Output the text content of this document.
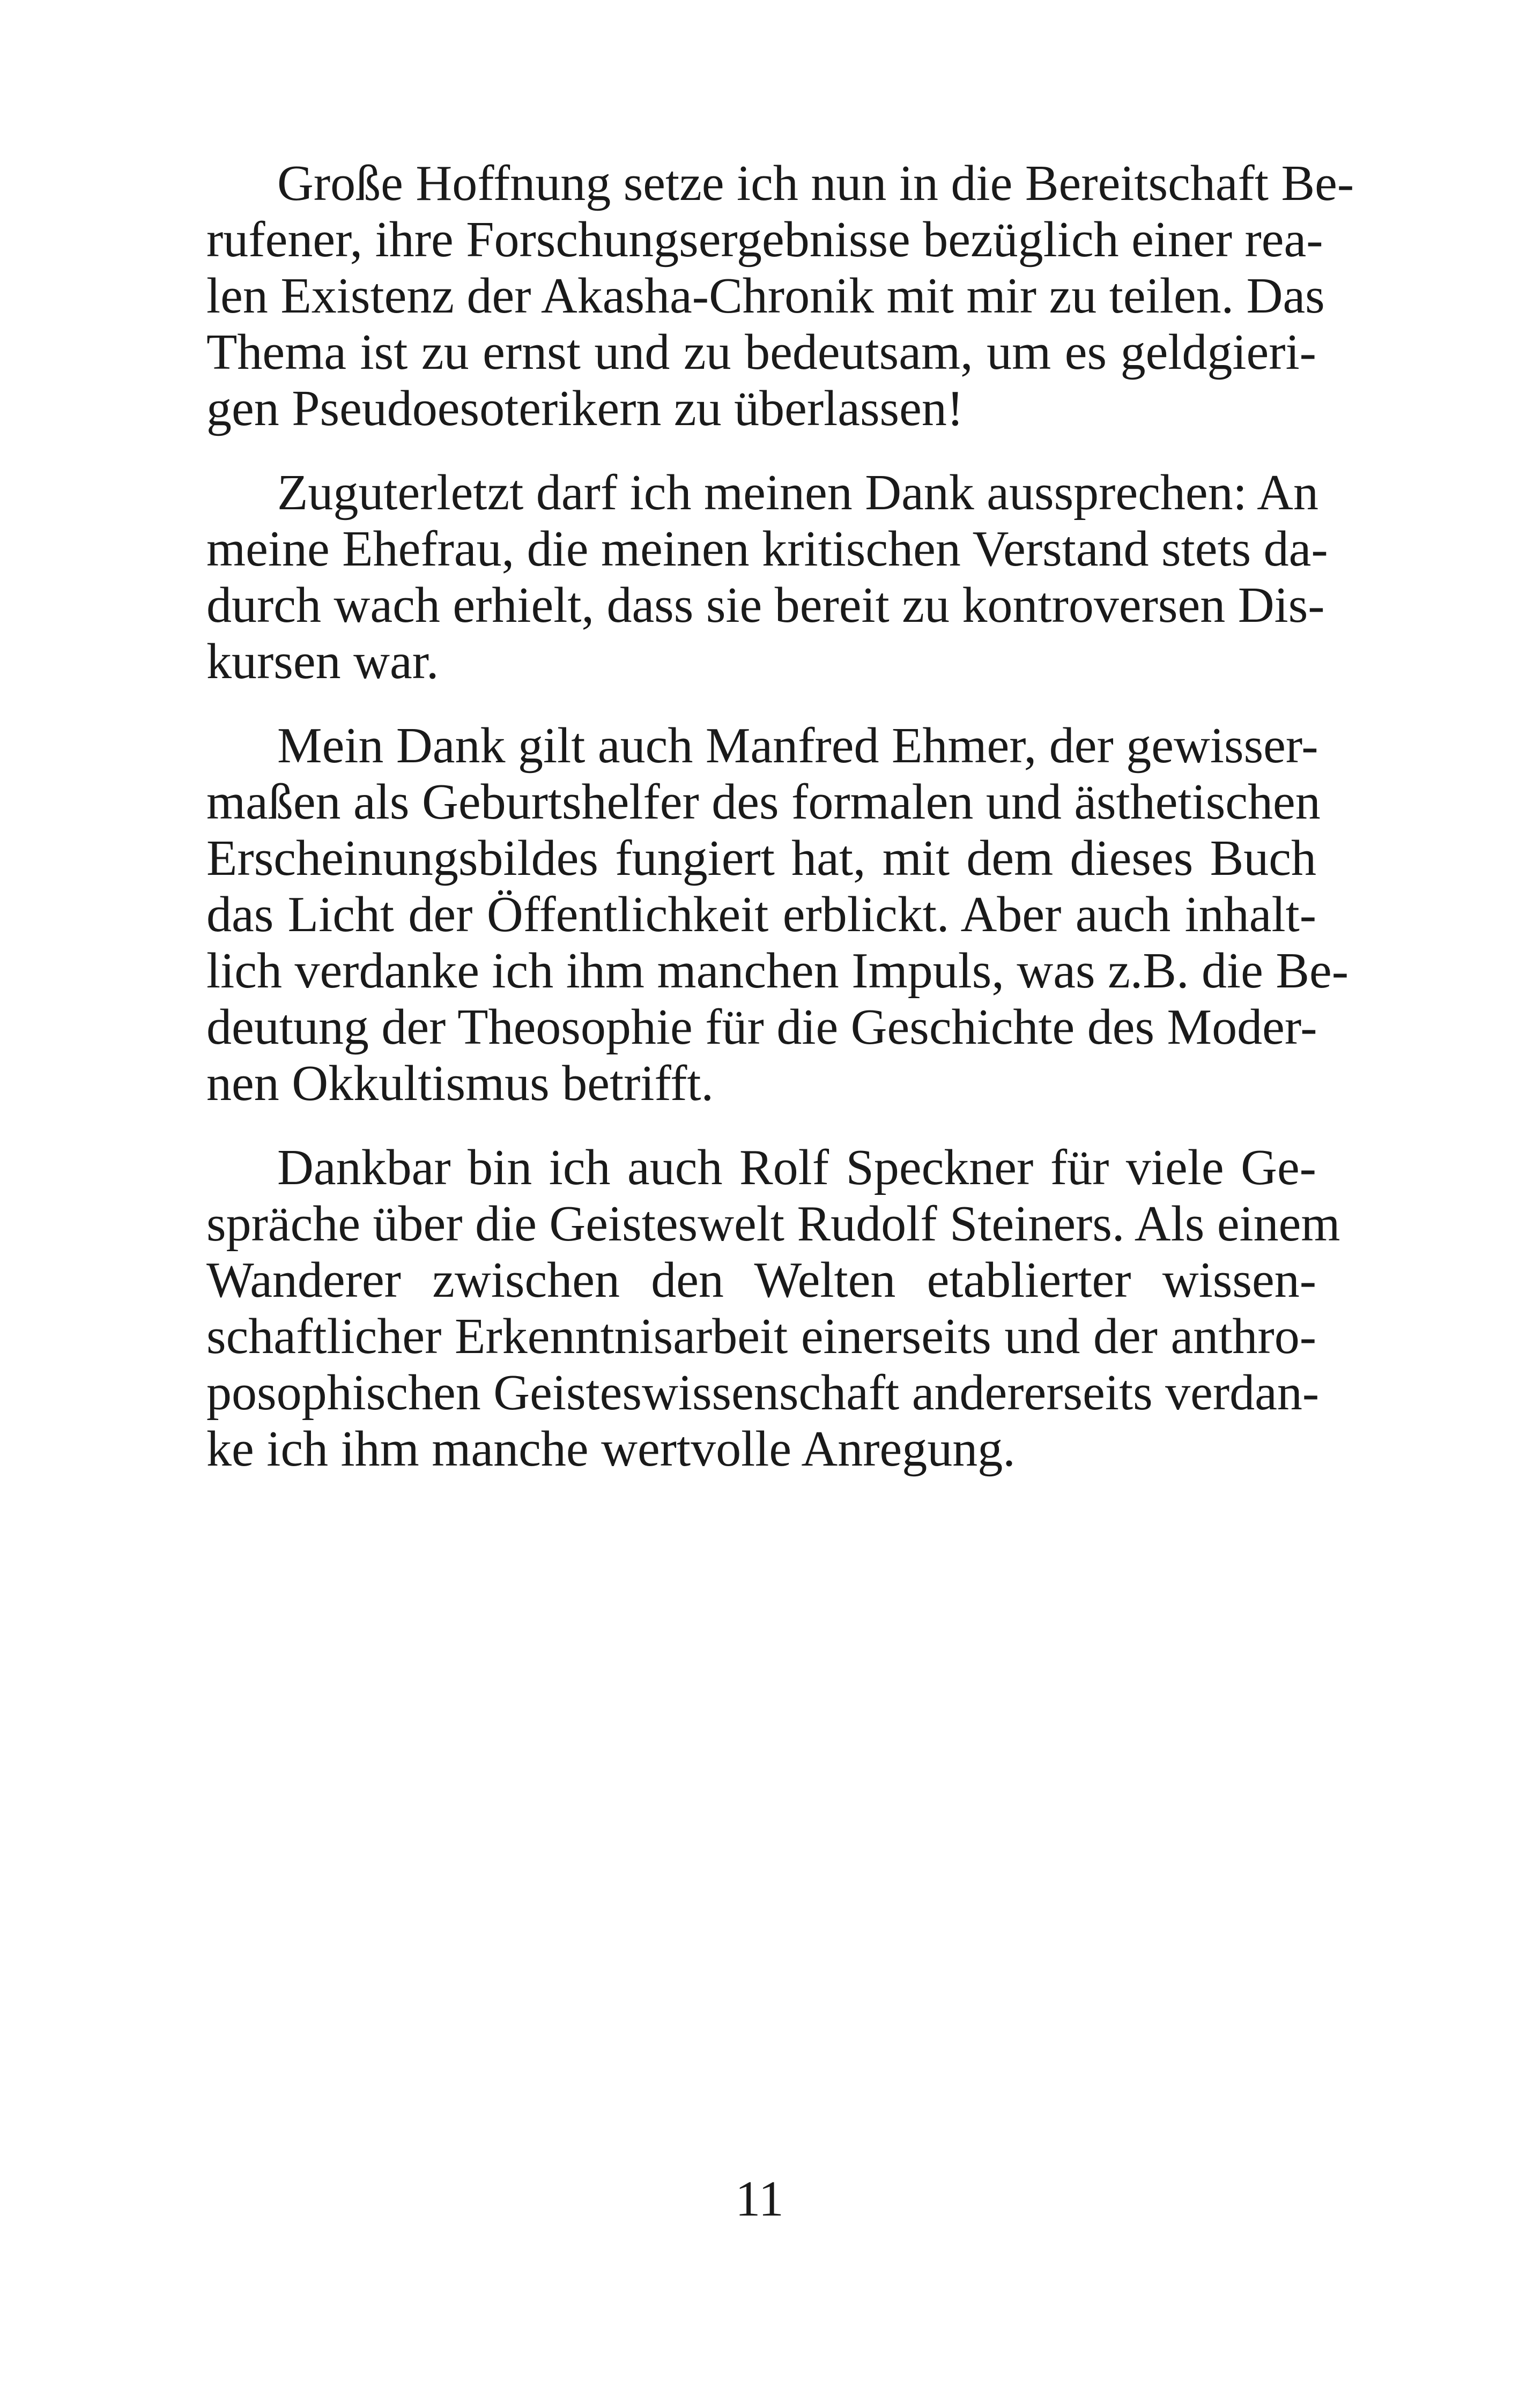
Große Hoffnung setze ich nun in die Bereitschaft Be-
rufener, ihre Forschungsergebnisse bezüglich einer rea-
len Existenz der Akasha-Chronik mit mir zu teilen. Das
Thema ist zu ernst und zu bedeutsam, um es geldgieri-
gen Pseudoesoterikern zu überlassen!
Zuguterletzt darf ich meinen Dank aussprechen: An
meine Ehefrau, die meinen kritischen Verstand stets da-
durch wach erhielt, dass sie bereit zu kontroversen Dis-
kursen war.
Mein Dank gilt auch Manfred Ehmer, der gewisser-
maßen als Geburtshelfer des formalen und ästhetischen
Erscheinungsbildes fungiert hat, mit dem dieses Buch
das Licht der Öffentlichkeit erblickt. Aber auch inhalt-
lich verdanke ich ihm manchen Impuls, was z.B. die Be-
deutung der Theosophie für die Geschichte des Moder-
nen Okkultismus betrifft.
Dankbar bin ich auch Rolf Speckner für viele Ge-
spräche über die Geisteswelt Rudolf Steiners. Als einem
Wanderer zwischen den Welten etablierter wissen-
schaftlicher Erkenntnisarbeit einerseits und der anthro-
posophischen Geisteswissenschaft andererseits verdan-
ke ich ihm manche wertvolle Anregung.
11
